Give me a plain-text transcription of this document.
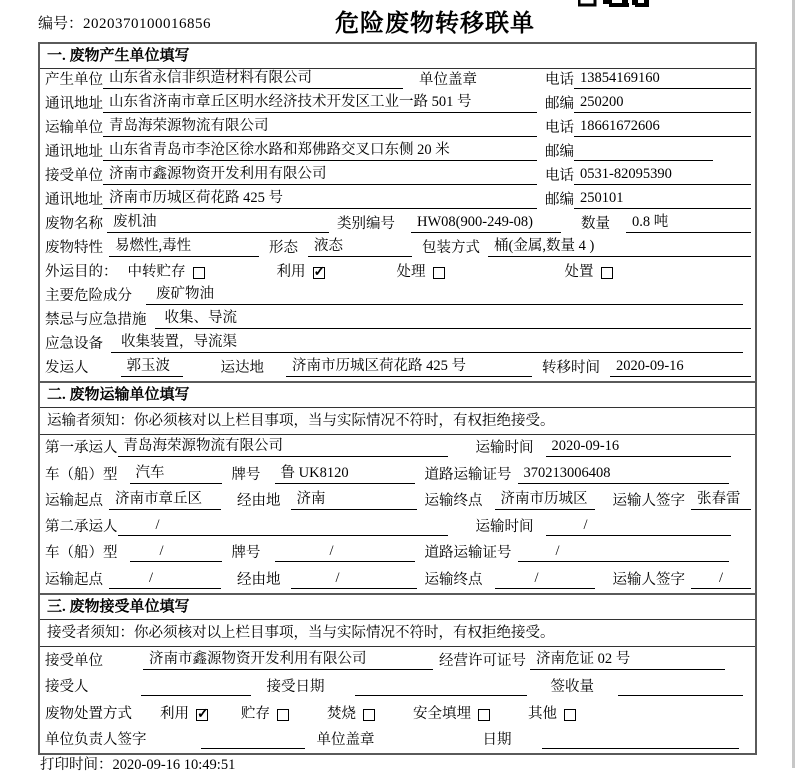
编号：2020370100016856	危险废物转移联单
一. 废物产生单位填写
产生单位 山东省永信非织造材料有限公司	单位盖章	电话 13854169160
通讯地址 山东省济南市章丘区明水经济技术开发区工业一路 501 号	邮编 250200
运输单位 青岛海荣源物流有限公司	电话 18661672606
通讯地址 山东省青岛市李沧区徐水路和郑佛路交叉口东侧 20 米	邮编
接受单位 济南市鑫源物资开发利用有限公司	电话 0531-82095390
通讯地址 济南市历城区荷花路 425 号	邮编 250101
废物名称 废机油	类别编号	HW08(900-249-08)	数量	0.8 吨
废物特性 易燃性,毒性	形态	液态	包装方式 桶(金属,数量 4 )
外运目的： 中转贮存	利用 ✓	处理	处置
主要危险成分	废矿物油
禁忌与应急措施	收集、导流
应急设备	收集装置，导流渠
发运人	郭玉波	运达地	济南市历城区荷花路 425 号	转移时间	2020-09-16
二. 废物运输单位填写
运输者须知：你必须核对以上栏目事项，当与实际情况不符时，有权拒绝接受。
第一承运人 青岛海荣源物流有限公司	运输时间	2020-09-16
车（船）型	汽车	牌号	鲁 UK8120	道路运输证号 370213006408
运输起点 济南市章丘区	经由地	济南	运输终点	济南市历城区	运输人签字 张春雷
第二承运人	/	运输时间	/
车（船）型	/	牌号	/	道路运输证号	/
运输起点	/	经由地	/	运输终点	/	运输人签字	/
三. 废物接受单位填写
接受者须知：你必须核对以上栏目事项，当与实际情况不符时，有权拒绝接受。
接受单位	济南市鑫源物资开发利用有限公司	经营许可证号 济南危证 02 号
接受人	接受日期	签收量
废物处置方式 利用 ✓ 贮存	焚烧	安全填埋	其他
单位负责人签字	单位盖章	日期
打印时间：2020-09-16 10:49:51
